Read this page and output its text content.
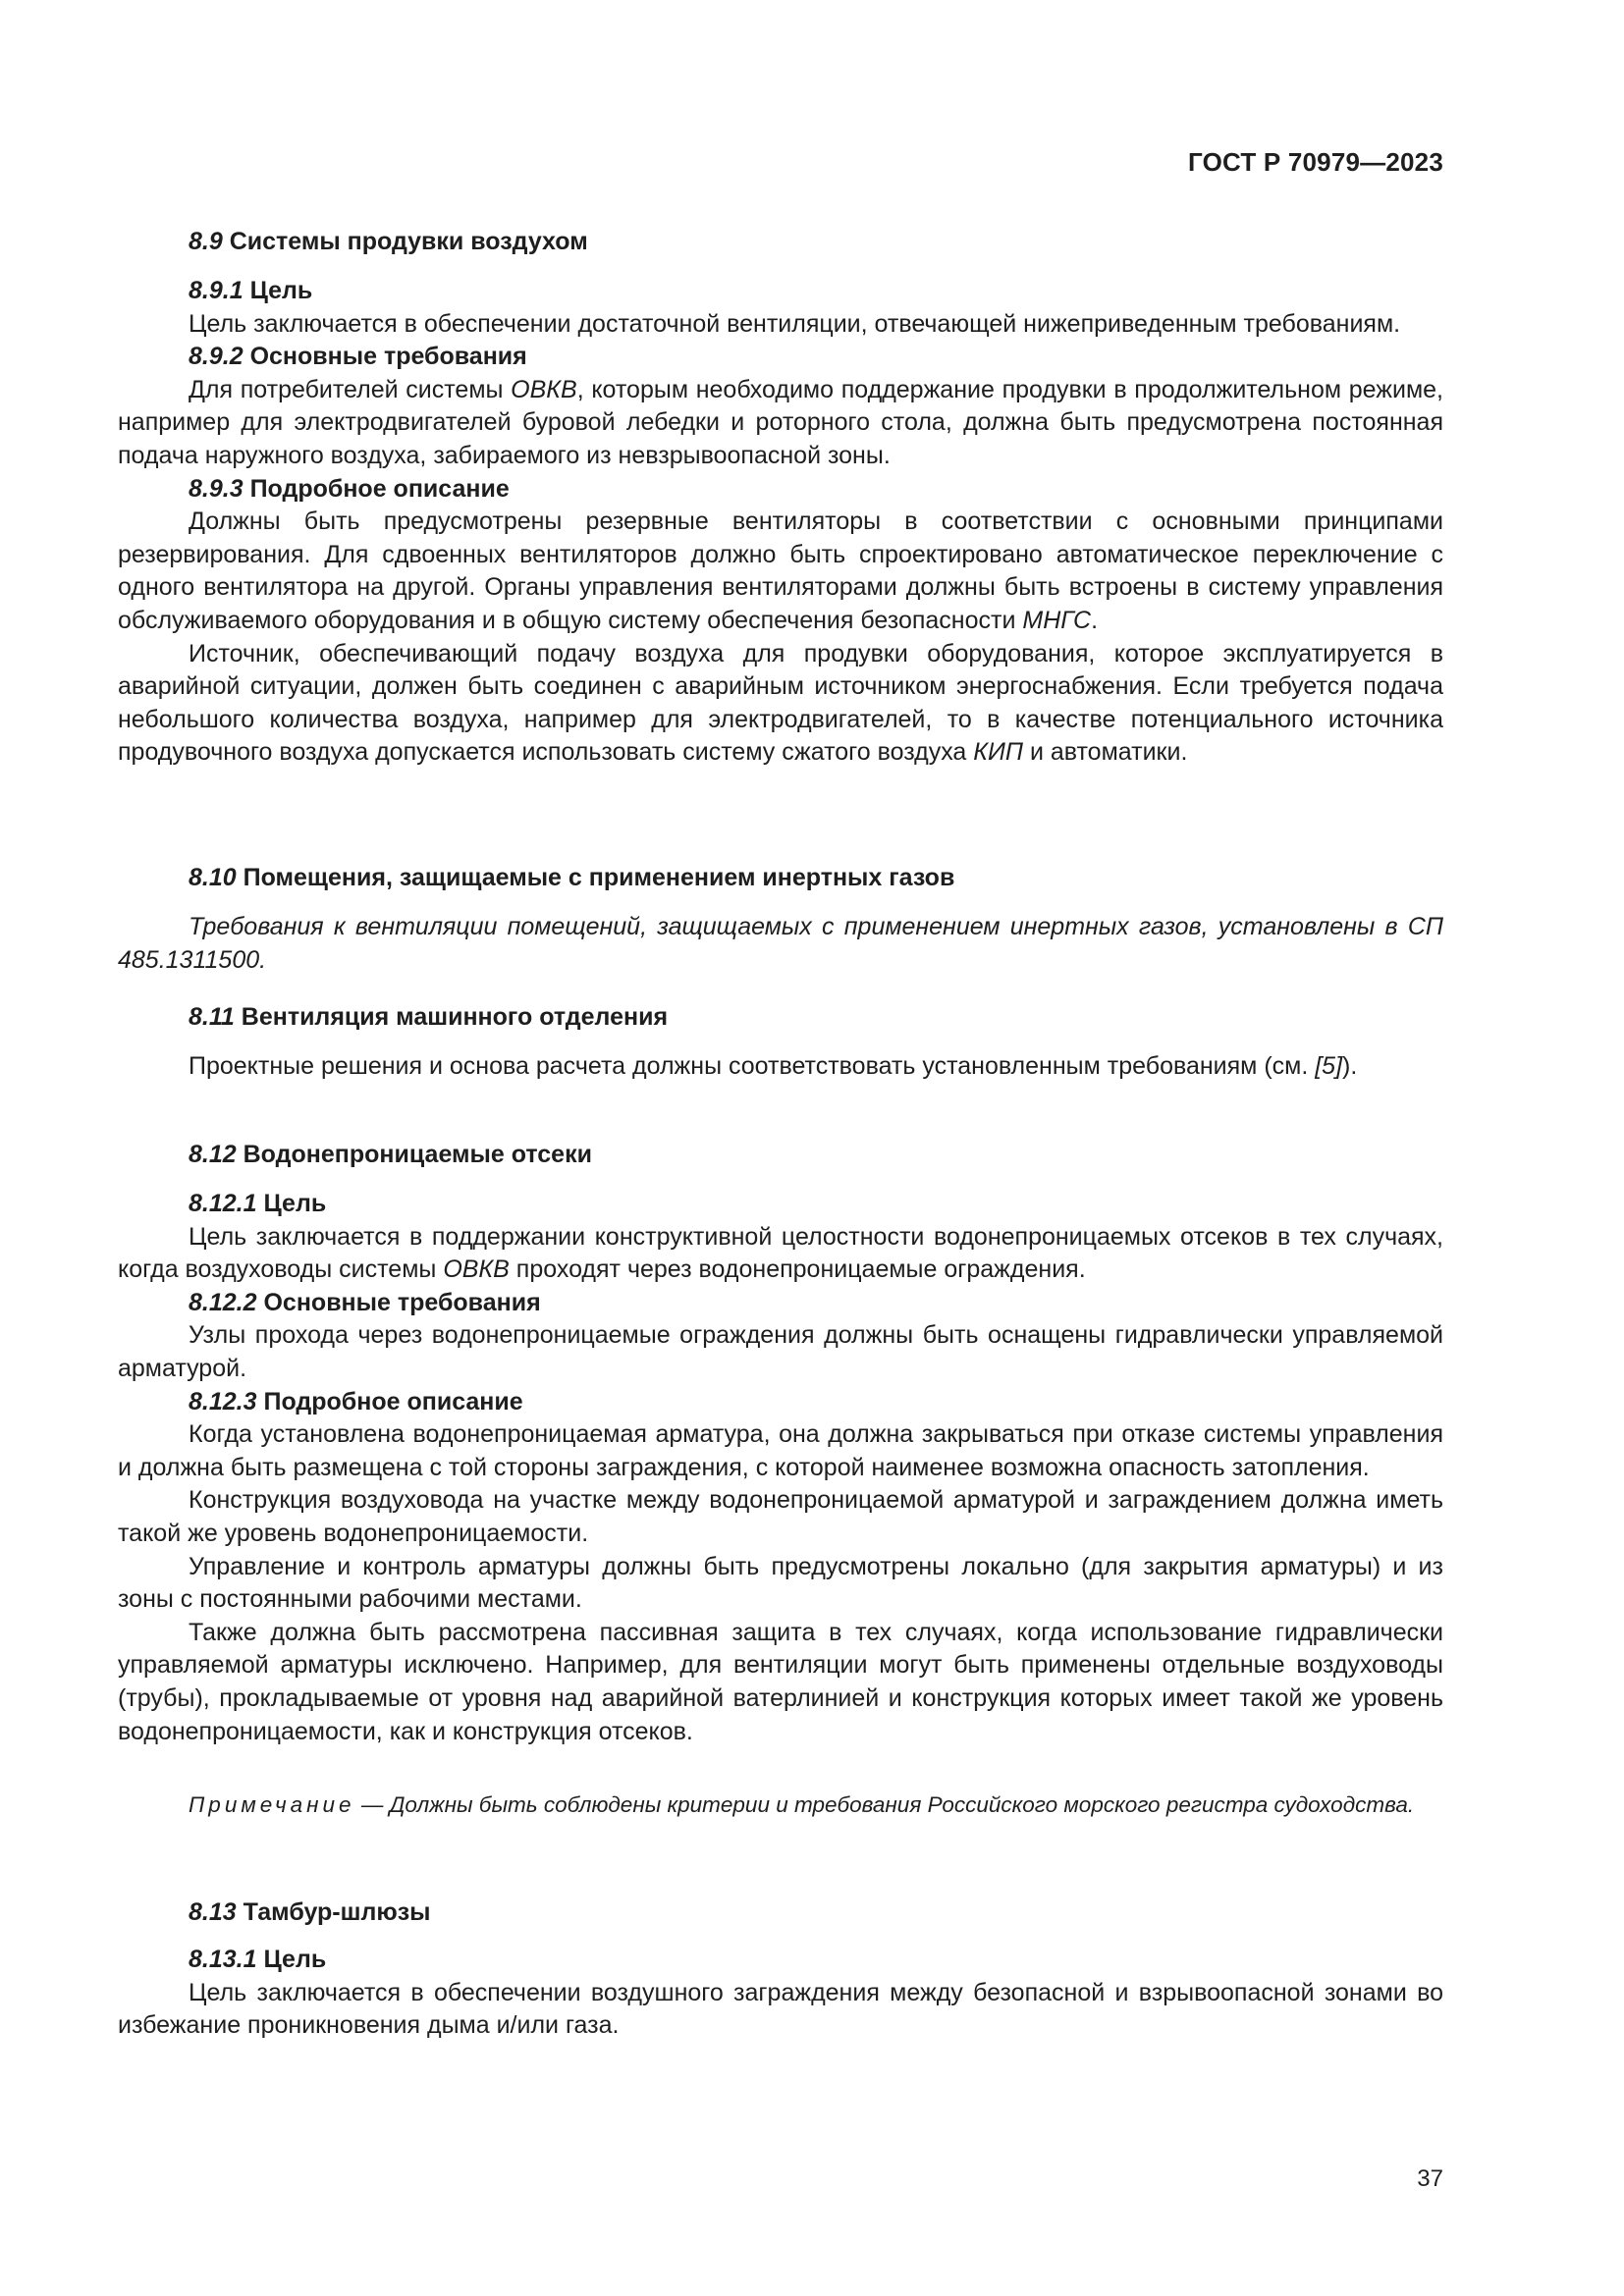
ГОСТ Р 70979—2023

8.9 Системы продувки воздухом

8.9.1 Цель

Цель заключается в обеспечении достаточной вентиляции, отвечающей нижеприведенным требованиям.

8.9.2 Основные требования

Для потребителей системы ОВКВ, которым необходимо поддержание продувки в продолжительном режиме, например для электродвигателей буровой лебедки и роторного стола, должна быть предусмотрена постоянная подача наружного воздуха, забираемого из невзрывоопасной зоны.

8.9.3 Подробное описание

Должны быть предусмотрены резервные вентиляторы в соответствии с основными принципами резервирования. Для сдвоенных вентиляторов должно быть спроектировано автоматическое переключение с одного вентилятора на другой. Органы управления вентиляторами должны быть встроены в систему управления обслуживаемого оборудования и в общую систему обеспечения безопасности МНГС.

Источник, обеспечивающий подачу воздуха для продувки оборудования, которое эксплуатируется в аварийной ситуации, должен быть соединен с аварийным источником энергоснабжения. Если требуется подача небольшого количества воздуха, например для электродвигателей, то в качестве потенциального источника продувочного воздуха допускается использовать систему сжатого воздуха КИП и автоматики.

8.10 Помещения, защищаемые с применением инертных газов

Требования к вентиляции помещений, защищаемых с применением инертных газов, установлены в СП 485.1311500.

8.11 Вентиляция машинного отделения

Проектные решения и основа расчета должны соответствовать установленным требованиям (см. [5]).

8.12 Водонепроницаемые отсеки

8.12.1 Цель

Цель заключается в поддержании конструктивной целостности водонепроницаемых отсеков в тех случаях, когда воздуховоды системы ОВКВ проходят через водонепроницаемые ограждения.

8.12.2 Основные требования

Узлы прохода через водонепроницаемые ограждения должны быть оснащены гидравлически управляемой арматурой.

8.12.3 Подробное описание

Когда установлена водонепроницаемая арматура, она должна закрываться при отказе системы управления и должна быть размещена с той стороны заграждения, с которой наименее возможна опасность затопления.

Конструкция воздуховода на участке между водонепроницаемой арматурой и заграждением должна иметь такой же уровень водонепроницаемости.

Управление и контроль арматуры должны быть предусмотрены локально (для закрытия арматуры) и из зоны с постоянными рабочими местами.

Также должна быть рассмотрена пассивная защита в тех случаях, когда использование гидравлически управляемой арматуры исключено. Например, для вентиляции могут быть применены отдельные воздуховоды (трубы), прокладываемые от уровня над аварийной ватерлинией и конструкция которых имеет такой же уровень водонепроницаемости, как и конструкция отсеков.

Примечание — Должны быть соблюдены критерии и требования Российского морского регистра судоходства.

8.13 Тамбур-шлюзы

8.13.1 Цель

Цель заключается в обеспечении воздушного заграждения между безопасной и взрывоопасной зонами во избежание проникновения дыма и/или газа.

37
